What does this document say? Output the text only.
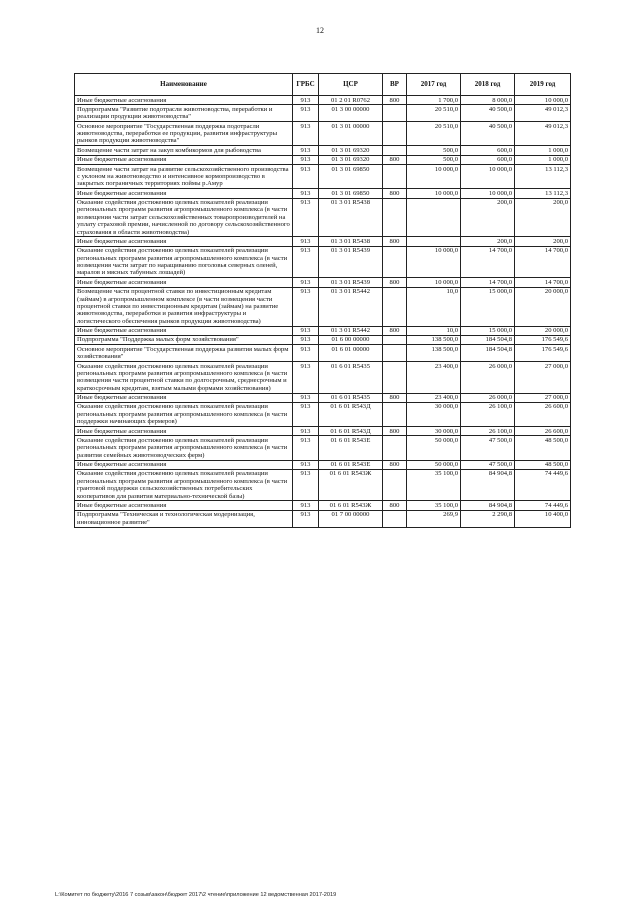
12
Наименование	ГРБС	ЦСР	ВР	2017 год	2018 год	2019 год
Иные бюджетные ассигнования	913	01 2 01 R0762	800	1 700,0	8 000,0	10 000,0
Подпрограмма "Развитие подотрасли животноводства, переработки и реализации продукции животноводства"	913	01 3 00 00000		20 510,0	40 500,0	49 012,3
Основное мероприятие "Государственная поддержка подотрасли животноводства, переработки ее продукции, развития инфраструктуры рынков продукции животноводства"	913	01 3 01 00000		20 510,0	40 500,0	49 012,3
Возмещение части затрат на закуп комбикормов для рыбоводства	913	01 3 01 69320		500,0	600,0	1 000,0
Иные бюджетные ассигнования	913	01 3 01 69320	800	500,0	600,0	1 000,0
Возмещение части затрат на развитие сельскохозяйственного производства с уклоном на животноводство и интенсивное кормопроизводство в закрытых пограничных территориях поймы р.Амур	913	01 3 01 69850		10 000,0	10 000,0	13 112,3
Иные бюджетные ассигнования	913	01 3 01 69850	800	10 000,0	10 000,0	13 112,3
Оказание содействия достижению целевых показателей реализации региональных программ развития агропромышленного комплекса (в части возмещения части затрат сельскохозяйственных товаропроизводителей на уплату страховой премии, начисленной по договору сельскохозяйственного страхования в области животноводства)	913	01 3 01 R5438			200,0	200,0
Иные бюджетные ассигнования	913	01 3 01 R5438	800		200,0	200,0
Оказание содействия достижению целевых показателей реализации региональных программ развития агропромышленного комплекса (в части возмещения части затрат по наращиванию поголовья северных оленей, маралов и мясных табунных лошадей)	913	01 3 01 R5439		10 000,0	14 700,0	14 700,0
Иные бюджетные ассигнования	913	01 3 01 R5439	800	10 000,0	14 700,0	14 700,0
Возмещение части процентной ставки по инвестиционным кредитам (займам) в агропромышленном комплексе (в части возмещения части процентной ставки по инвестиционным кредитам (займам) на развитие животноводства, переработки и развития инфраструктуры и логистического обеспечения рынков продукции животноводства)	913	01 3 01 R5442		10,0	15 000,0	20 000,0
Иные бюджетные ассигнования	913	01 3 01 R5442	800	10,0	15 000,0	20 000,0
Подпрограмма "Поддержка малых форм хозяйствования"	913	01 6 00 00000		138 500,0	184 504,8	176 549,6
Основное мероприятие "Государственная поддержка развития малых форм хозяйствования"	913	01 6 01 00000		138 500,0	184 504,8	176 549,6
Оказание содействия достижению целевых показателей реализации региональных программ развития агропромышленного комплекса (в части возмещения части процентной ставки по долгосрочным, среднесрочным и краткосрочным кредитам, взятым малыми формами хозяйствования)	913	01 6 01 R5435		23 400,0	26 000,0	27 000,0
Иные бюджетные ассигнования	913	01 6 01 R5435	800	23 400,0	26 000,0	27 000,0
Оказание содействия достижению целевых показателей реализации региональных программ развития агропромышленного комплекса (в части поддержки начинающих фермеров)	913	01 6 01 R543Д		30 000,0	26 100,0	26 600,0
Иные бюджетные ассигнования	913	01 6 01 R543Д	800	30 000,0	26 100,0	26 600,0
Оказание содействия достижению целевых показателей реализации региональных программ развития агропромышленного комплекса (в части развития семейных животноводческих ферм)	913	01 6 01 R543Е		50 000,0	47 500,0	48 500,0
Иные бюджетные ассигнования	913	01 6 01 R543Е	800	50 000,0	47 500,0	48 500,0
Оказание содействия достижению целевых показателей реализации региональных программ развития агропромышленного комплекса (в части грантовой поддержки сельскохозяйственных потребительских кооперативов для развития материально-технической базы)	913	01 6 01 R543Ж		35 100,0	84 904,8	74 449,6
Иные бюджетные ассигнования	913	01 6 01 R543Ж	800	35 100,0	84 904,8	74 449,6
Подпрограмма "Техническая и технологическая модернизация, инновационное развитие"	913	01 7 00 00000		269,9	2 290,8	10 400,0
L:\Комитет по бюджету\2016 7 созыв\закон\бюджет 2017\2 чтение\приложение 12 ведомственная 2017-2019
